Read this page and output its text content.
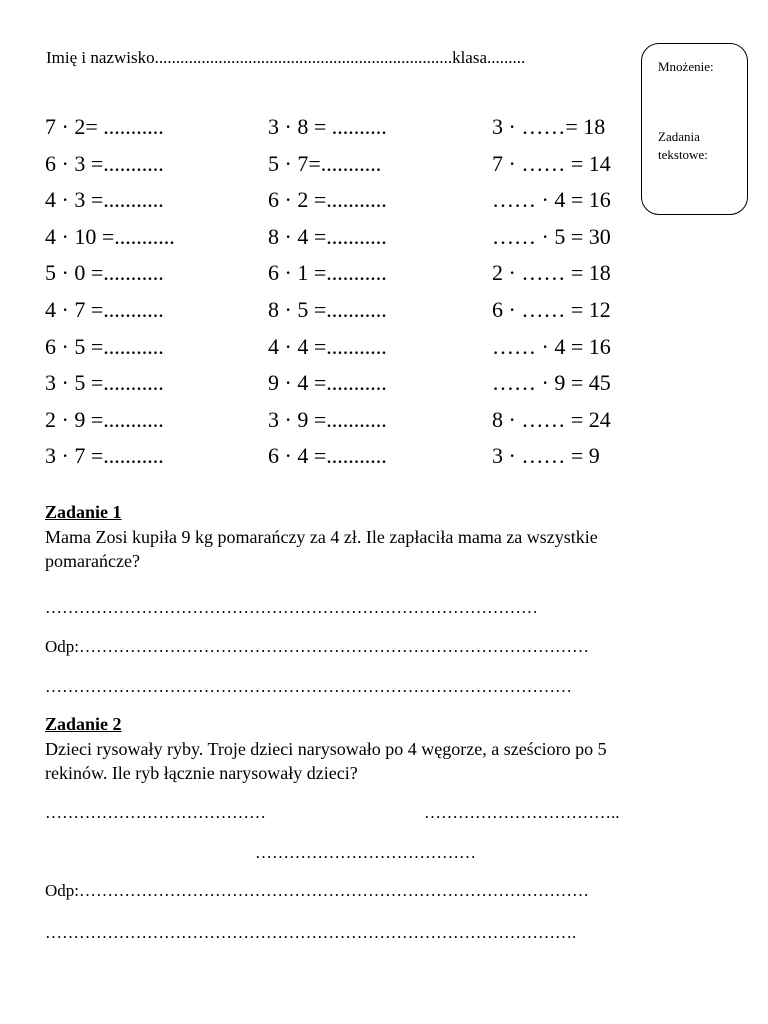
Imię i nazwisko......................................................................klasa.........	Mnożenie:
Zadania
tekstowe:
7 · 2= ...........
6 · 3 =...........
4 · 3 =...........
4 · 10 =...........
5 · 0 =...........
4 · 7 =...........
6 · 5 =...........
3 · 5 =...........
2 · 9 =...........
3 · 7 =...........
3 · 8 = ..........
5 · 7=...........
6 · 2 =...........
8 · 4 =...........
6 · 1 =...........
8 · 5 =...........
4 · 4 =...........
9 · 4 =...........
3 · 9 =...........
6 · 4 =...........
3 · ……= 18
7 · …… = 14
…… · 4 = 16
…… · 5 = 30
2 · …… = 18
6 · …… = 12
…… · 4 = 16
…… · 9 = 45
8 · …… = 24
3 · …… = 9
Zadanie 1
Mama Zosi kupiła 9 kg pomarańczy za 4 zł. Ile zapłaciła mama za wszystkie
pomarańcze?
……………………………………………………………………………
Odp:………………………………………………………………………………
…………………………………………………………………………………
Zadanie 2
Dzieci rysowały ryby. Troje dzieci narysowało po 4 węgorze, a sześcioro po 5
rekinów. Ile ryb łącznie narysowały dzieci?
…………………………………	……………………………..
…………………………………
Odp:………………………………………………………………………………
………………………………………………………………………………….
